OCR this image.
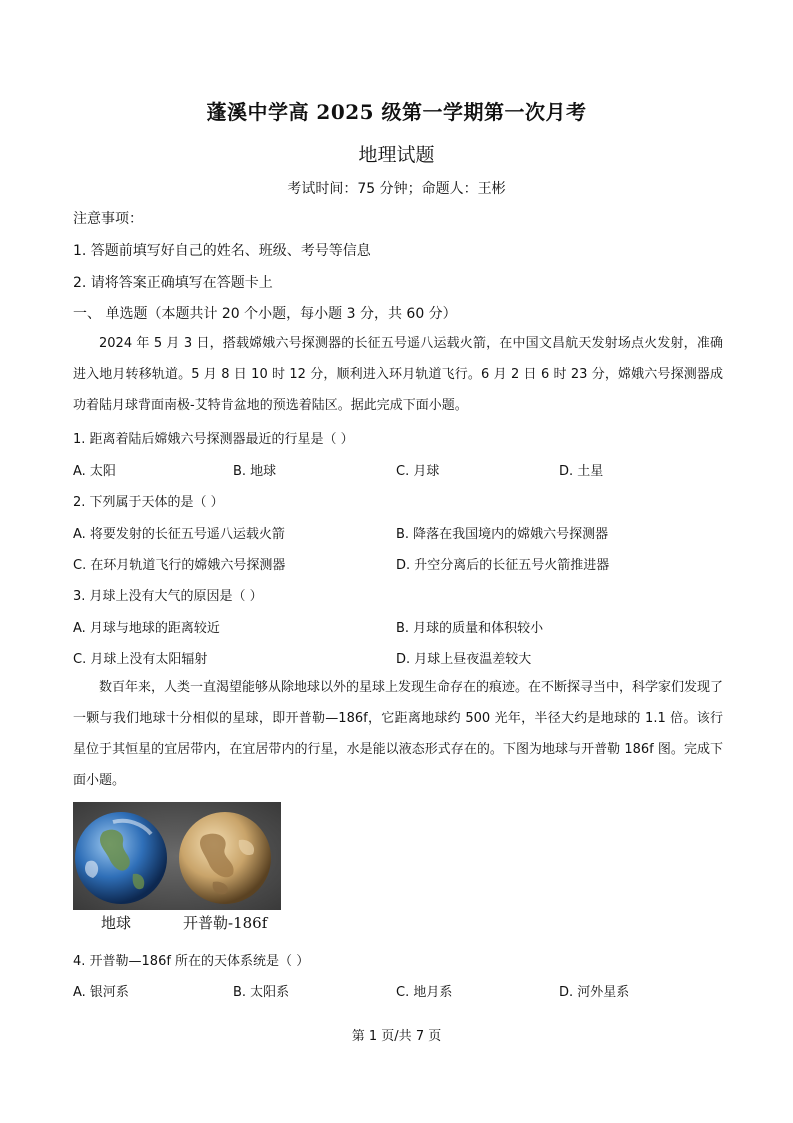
蓬溪中学高 2025 级第一学期第一次月考
地理试题
考试时间：75 分钟；命题人：王彬
注意事项：
1. 答题前填写好自己的姓名、班级、考号等信息
2. 请将答案正确填写在答题卡上
一、 单选题（本题共计 20 个小题，每小题 3 分，共 60 分）
2024 年 5 月 3 日，搭载嫦娥六号探测器的长征五号遥八运载火箭，在中国文昌航天发射场点火发射，准确进入地月转移轨道。5 月 8 日 10 时 12 分，顺利进入环月轨道飞行。6 月 2 日 6 时 23 分，嫦娥六号探测器成功着陆月球背面南极-艾特肯盆地的预选着陆区。据此完成下面小题。
1. 距离着陆后嫦娥六号探测器最近的行星是（ ）
A. 太阳	B. 地球	C. 月球	D. 土星
2. 下列属于天体的是（ ）
A. 将要发射的长征五号遥八运载火箭	B. 降落在我国境内的嫦娥六号探测器
C. 在环月轨道飞行的嫦娥六号探测器	D. 升空分离后的长征五号火箭推进器
3. 月球上没有大气的原因是（ ）
A. 月球与地球的距离较近	B. 月球的质量和体积较小
C. 月球上没有太阳辐射	D. 月球上昼夜温差较大
数百年来，人类一直渴望能够从除地球以外的星球上发现生命存在的痕迹。在不断探寻当中，科学家们发现了一颗与我们地球十分相似的星球，即开普勒—186f，它距离地球约 500 光年，半径大约是地球的 1.1 倍。该行星位于其恒星的宜居带内，在宜居带内的行星，水是能以液态形式存在的。下图为地球与开普勒 186f 图。完成下面小题。
地球	开普勒-186f
4. 开普勒—186f 所在的天体系统是（ ）
A. 银河系	B. 太阳系	C. 地月系	D. 河外星系
第 1 页/共 7 页
